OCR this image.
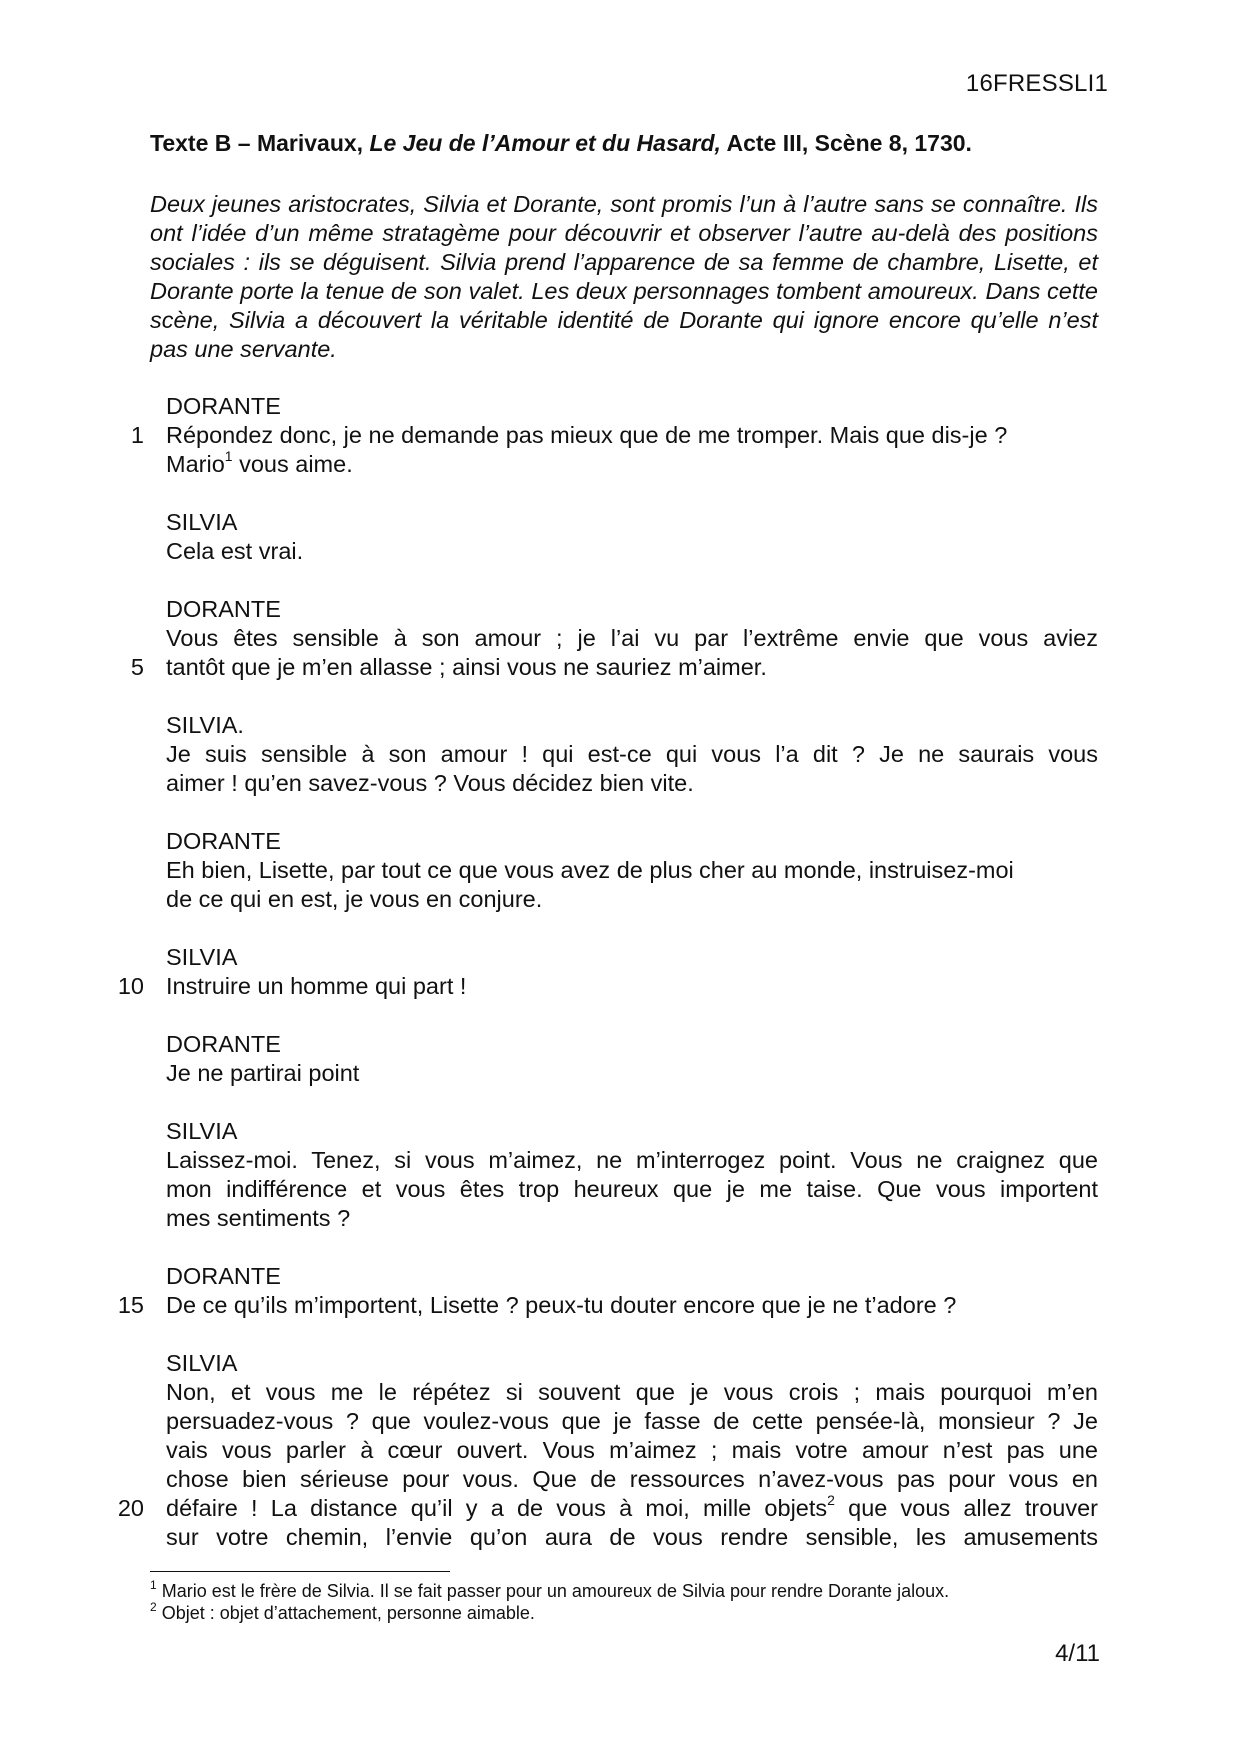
16FRESSLI1
Texte B – Marivaux, Le Jeu de l’Amour et du Hasard, Acte III, Scène 8, 1730.

Deux jeunes aristocrates, Silvia et Dorante, sont promis l’un à l’autre sans se connaître. Ils ont l’idée d’un même stratagème pour découvrir et observer l’autre au-delà des positions sociales : ils se déguisent. Silvia prend l’apparence de sa femme de chambre, Lisette, et Dorante porte la tenue de son valet. Les deux personnages tombent amoureux. Dans cette scène, Silvia a découvert la véritable identité de Dorante qui ignore encore qu’elle n’est pas une servante.

DORANTE
1 Répondez donc, je ne demande pas mieux que de me tromper. Mais que dis-je ?
Mario$^1$ vous aime.
SILVIA
Cela est vrai.
DORANTE
Vous êtes sensible à son amour ; je l’ai vu par l’extrême envie que vous aviez
5 tantôt que je m’en allasse ; ainsi vous ne sauriez m’aimer.
SILVIA.
Je suis sensible à son amour ! qui est-ce qui vous l’a dit ? Je ne saurais vous
aimer ! qu’en savez-vous ? Vous décidez bien vite.
DORANTE
Eh bien, Lisette, par tout ce que vous avez de plus cher au monde, instruisez-moi
de ce qui en est, je vous en conjure.
SILVIA
10 Instruire un homme qui part !
DORANTE
Je ne partirai point
SILVIA
Laissez-moi. Tenez, si vous m’aimez, ne m’interrogez point. Vous ne craignez que
mon indifférence et vous êtes trop heureux que je me taise. Que vous importent
mes sentiments ?
DORANTE
15 De ce qu’ils m’importent, Lisette ? peux-tu douter encore que je ne t’adore ?
SILVIA
Non, et vous me le répétez si souvent que je vous crois ; mais pourquoi m’en
persuadez-vous ? que voulez-vous que je fasse de cette pensée-là, monsieur ? Je
vais vous parler à cœur ouvert. Vous m’aimez ; mais votre amour n’est pas une
chose bien sérieuse pour vous. Que de ressources n’avez-vous pas pour vous en
20 défaire ! La distance qu’il y a de vous à moi, mille objets$^2$ que vous allez trouver
sur votre chemin, l’envie qu’on aura de vous rendre sensible, les amusements
$^1$ Mario est le frère de Silvia. Il se fait passer pour un amoureux de Silvia pour rendre Dorante jaloux.
$^2$ Objet : objet d’attachement, personne aimable.
4/11
